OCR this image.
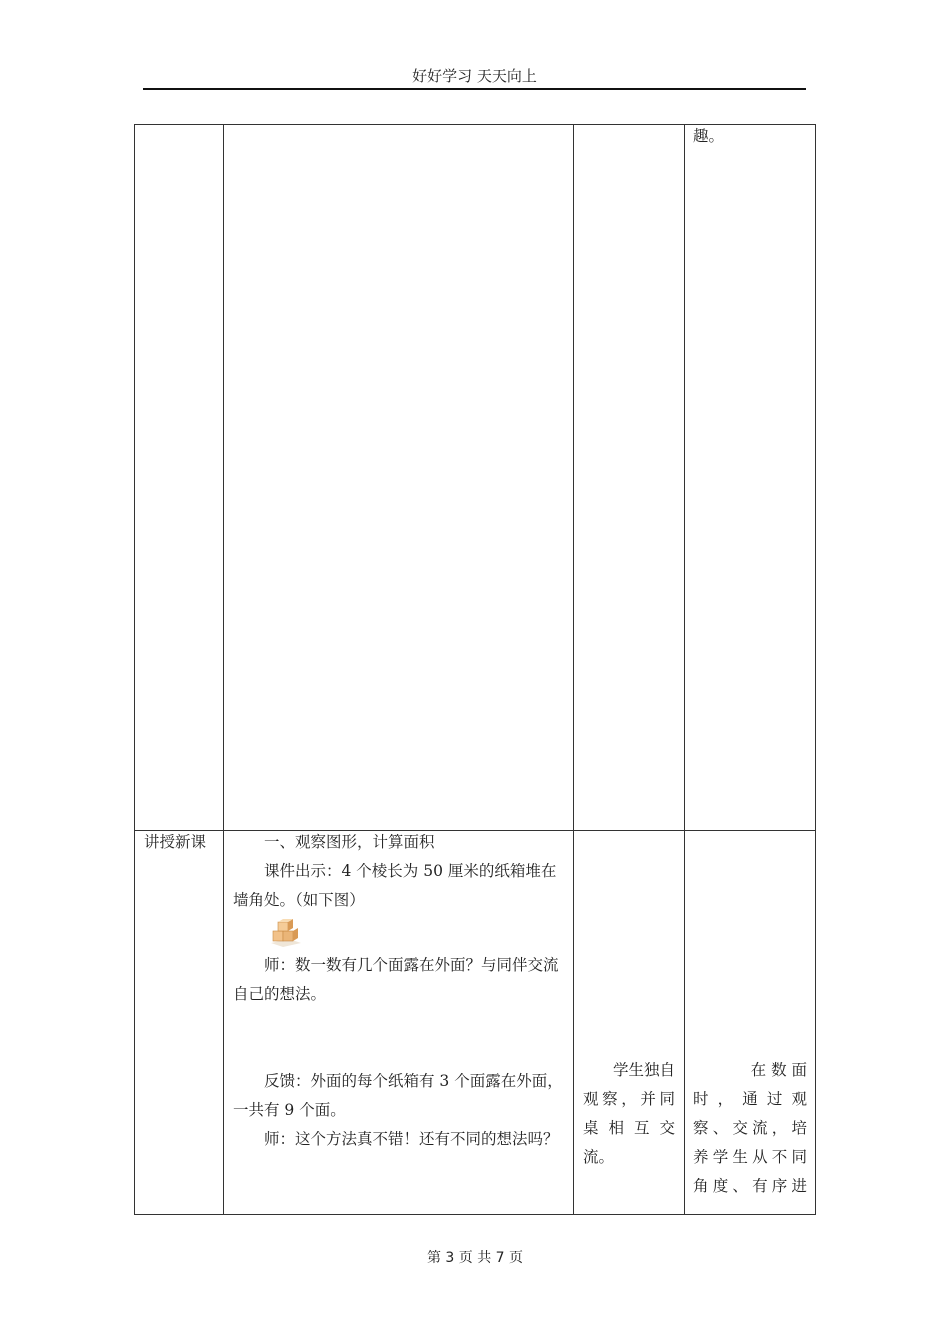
好好学习 天天向上

趣。

讲授新课	一、观察图形，计算面积

课件出示：4 个棱长为 50 厘米的纸箱堆在墙角处。（如下图）

师：数一数有几个面露在外面？与同伴交流自己的想法。

反馈：外面的每个纸箱有 3 个面露在外面，一共有 9 个面。

师：这个方法真不错！还有不同的想法吗？

学生独自

观察，并同

桌相互交

流。

在 数 面

时，通过观

察、交流，培

养学生从不同

角度、有序进

第 3 页 共 7 页
